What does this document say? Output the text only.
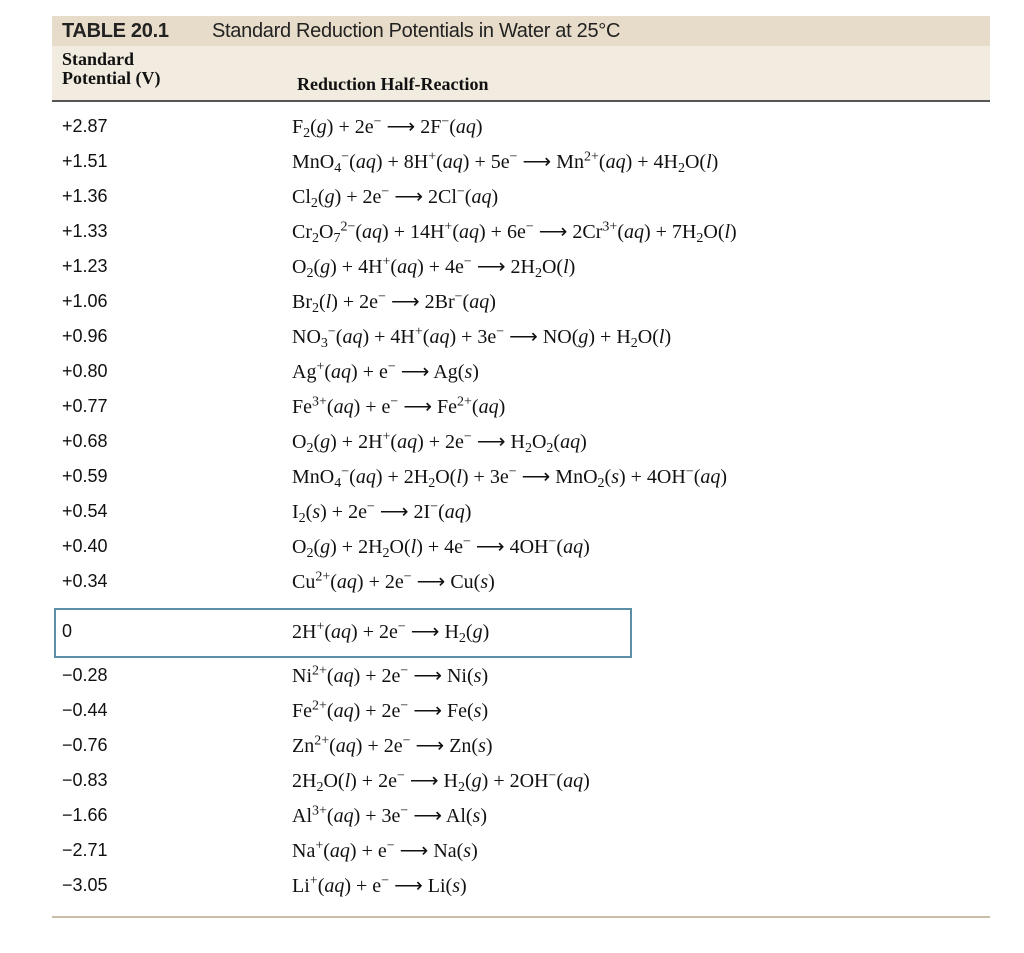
TABLE 20.1	Standard Reduction Potentials in Water at 25°C
Standard
Potential (V)	Reduction Half-Reaction
+2.87	$F_2(g) + 2e^-$ ⟶ 2F−(aq)
+1.51	MnO$_4$−(aq) + 8H+(aq) + 5e− ⟶ $Mn^{2+}(aq) + 4H_2O(l)$
+1.36	$Cl_2(g) + 2e^-$ ⟶ 2Cl−(aq)
+1.33	$Cr_2O_7^{2-}(aq) + 14H^+(aq) + 6e^-$ ⟶ $2Cr^{3+}(aq) + 7H_2O(l)$
+1.23	$O_2(g) + 4H^+(aq) + 4e^-$ ⟶ $2H_2O(l)$
+1.06	$Br_2(l) + 2e^-$ ⟶ 2Br−(aq)
+0.96	$NO_3^-(aq) + 4H^+(aq) + 3e^-$ ⟶ $NO(g) + H_2O(l)$
+0.80	Ag+(aq) + e− ⟶ Ag(s)
+0.77	$Fe^{3+}(aq) + e^-$ ⟶ $Fe^{2+}(aq)$
+0.68	$O_2(g) + 2H^+(aq) + 2e^-$ ⟶ $H_2O_2(aq)$
+0.59	$MnO_4^-(aq) + 2H_2O(l) + 3e^-$ ⟶ MnO$_2$(s) + 4OH−(aq)
+0.54	$I_2(s) + 2e^-$ ⟶ 2I−(aq)
+0.40	$O_2(g) + 2H_2O(l) + 4e^-$ ⟶ 4OH−(aq)
+0.34	$Cu^{2+}(aq) + 2e^-$ ⟶ Cu(s)
0	2H+(aq) + 2e− ⟶ $H_2(g)$
−0.28	$Ni^{2+}(aq) + 2e^-$ ⟶ Ni(s)
−0.44	$Fe^{2+}(aq) + 2e^-$ ⟶ Fe(s)
−0.76	$Zn^{2+}(aq) + 2e^-$ ⟶ Zn(s)
−0.83	$2H_2O(l) + 2e^-$ ⟶ $H_2(g) + 2OH^-(aq)$
−1.66	$Al^{3+}(aq) + 3e^-$ ⟶ Al(s)
−2.71	Na+(aq) + e− ⟶ Na(s)
−3.05	Li+(aq) + e− ⟶ Li(s)
